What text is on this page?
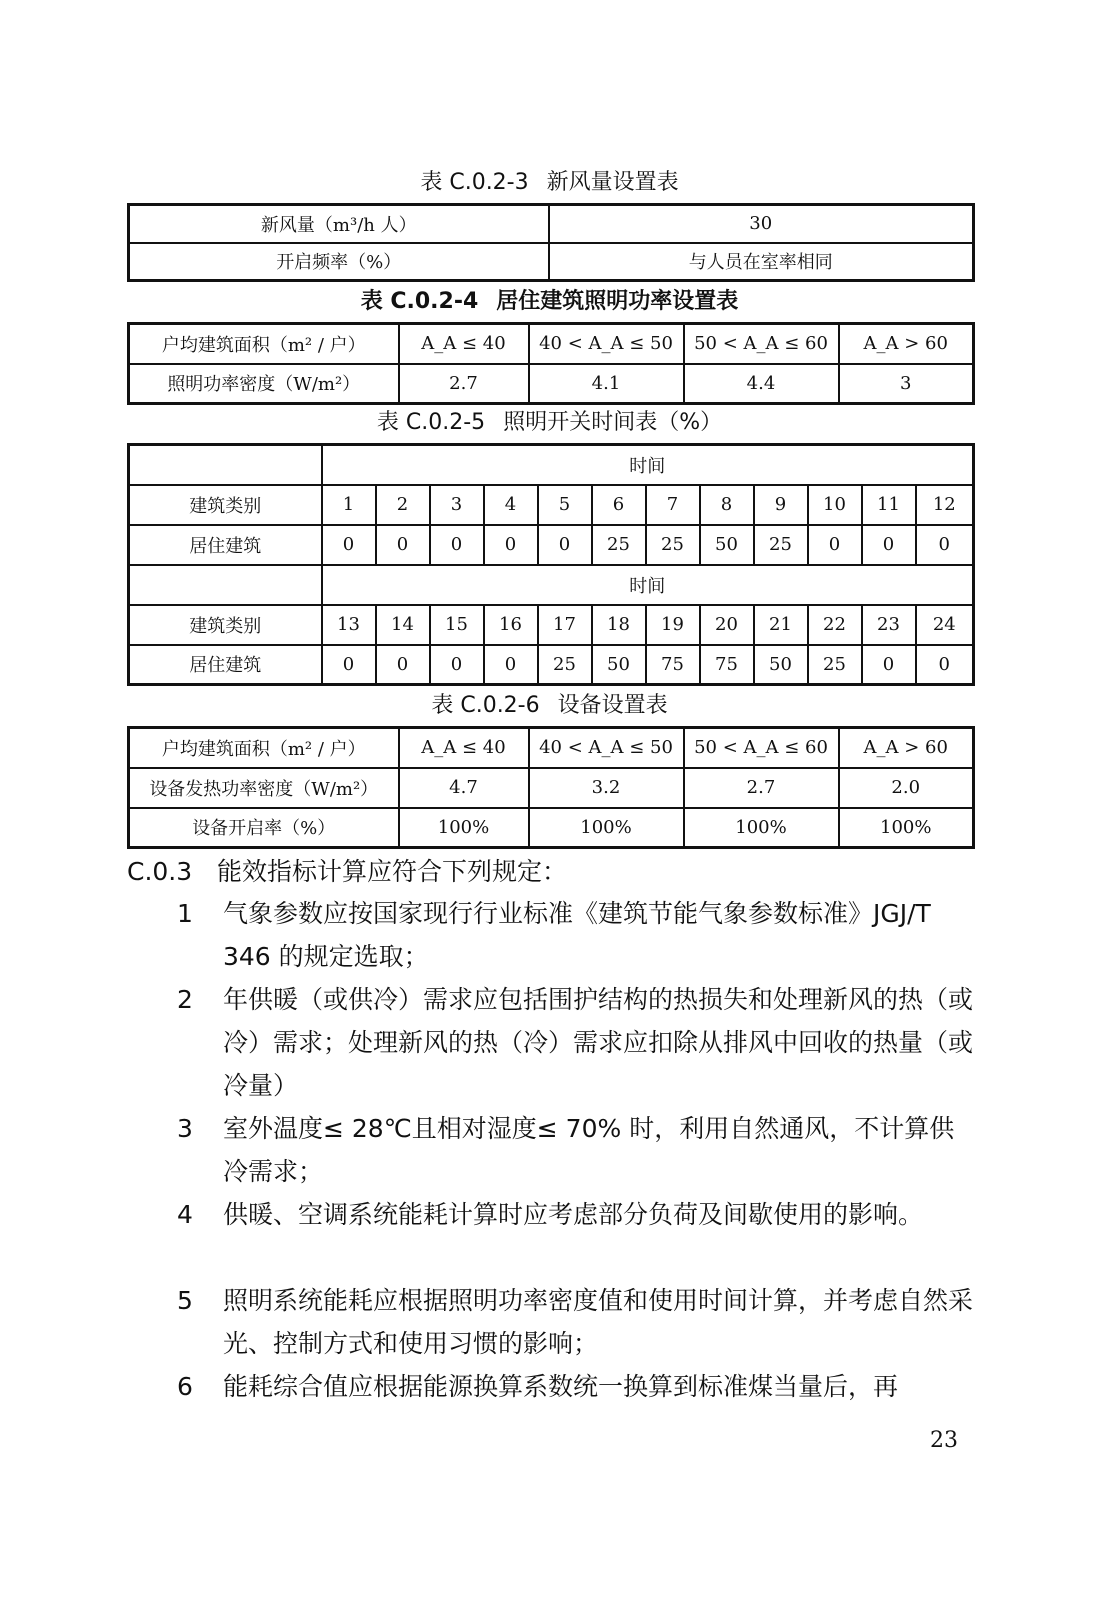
表 C.0.2-3 新风量设置表
新风量（m³/h 人）	30
开启频率（%）	与人员在室率相同
表 C.0.2-4 居住建筑照明功率设置表
户均建筑面积（m² / 户）	A_A ≤ 40	40 < A_A ≤ 50	50 < A_A ≤ 60	A_A > 60
照明功率密度（W/m²）	2.7	4.1	4.4	3
表 C.0.2-5 照明开关时间表（%）
	时间											
建筑类别	1	2	3	4	5	6	7	8	9	10	11	12
居住建筑	0	0	0	0	0	25	25	50	25	0	0	0
	时间											
建筑类别	13	14	15	16	17	18	19	20	21	22	23	24
居住建筑	0	0	0	0	25	50	75	75	50	25	0	0
表 C.0.2-6 设备设置表
户均建筑面积（m² / 户）	A_A ≤ 40	40 < A_A ≤ 50	50 < A_A ≤ 60	A_A > 60
设备发热功率密度（W/m²）	4.7	3.2	2.7	2.0
设备开启率（%）	100%	100%	100%	100%
C.0.3 能效指标计算应符合下列规定：
1	气象参数应按国家现行行业标准《建筑节能气象参数标准》JGJ/T 346 的规定选取；
2	年供暖（或供冷）需求应包括围护结构的热损失和处理新风的热（或冷）需求；处理新风的热（冷）需求应扣除从排风中回收的热量（或冷量）
3	室外温度≤ 28℃且相对湿度≤ 70% 时，利用自然通风，不计算供冷需求；
4	供暖、空调系统能耗计算时应考虑部分负荷及间歇使用的影响。
5	照明系统能耗应根据照明功率密度值和使用时间计算，并考虑自然采光、控制方式和使用习惯的影响；
6	能耗综合值应根据能源换算系数统一换算到标准煤当量后，再
23
